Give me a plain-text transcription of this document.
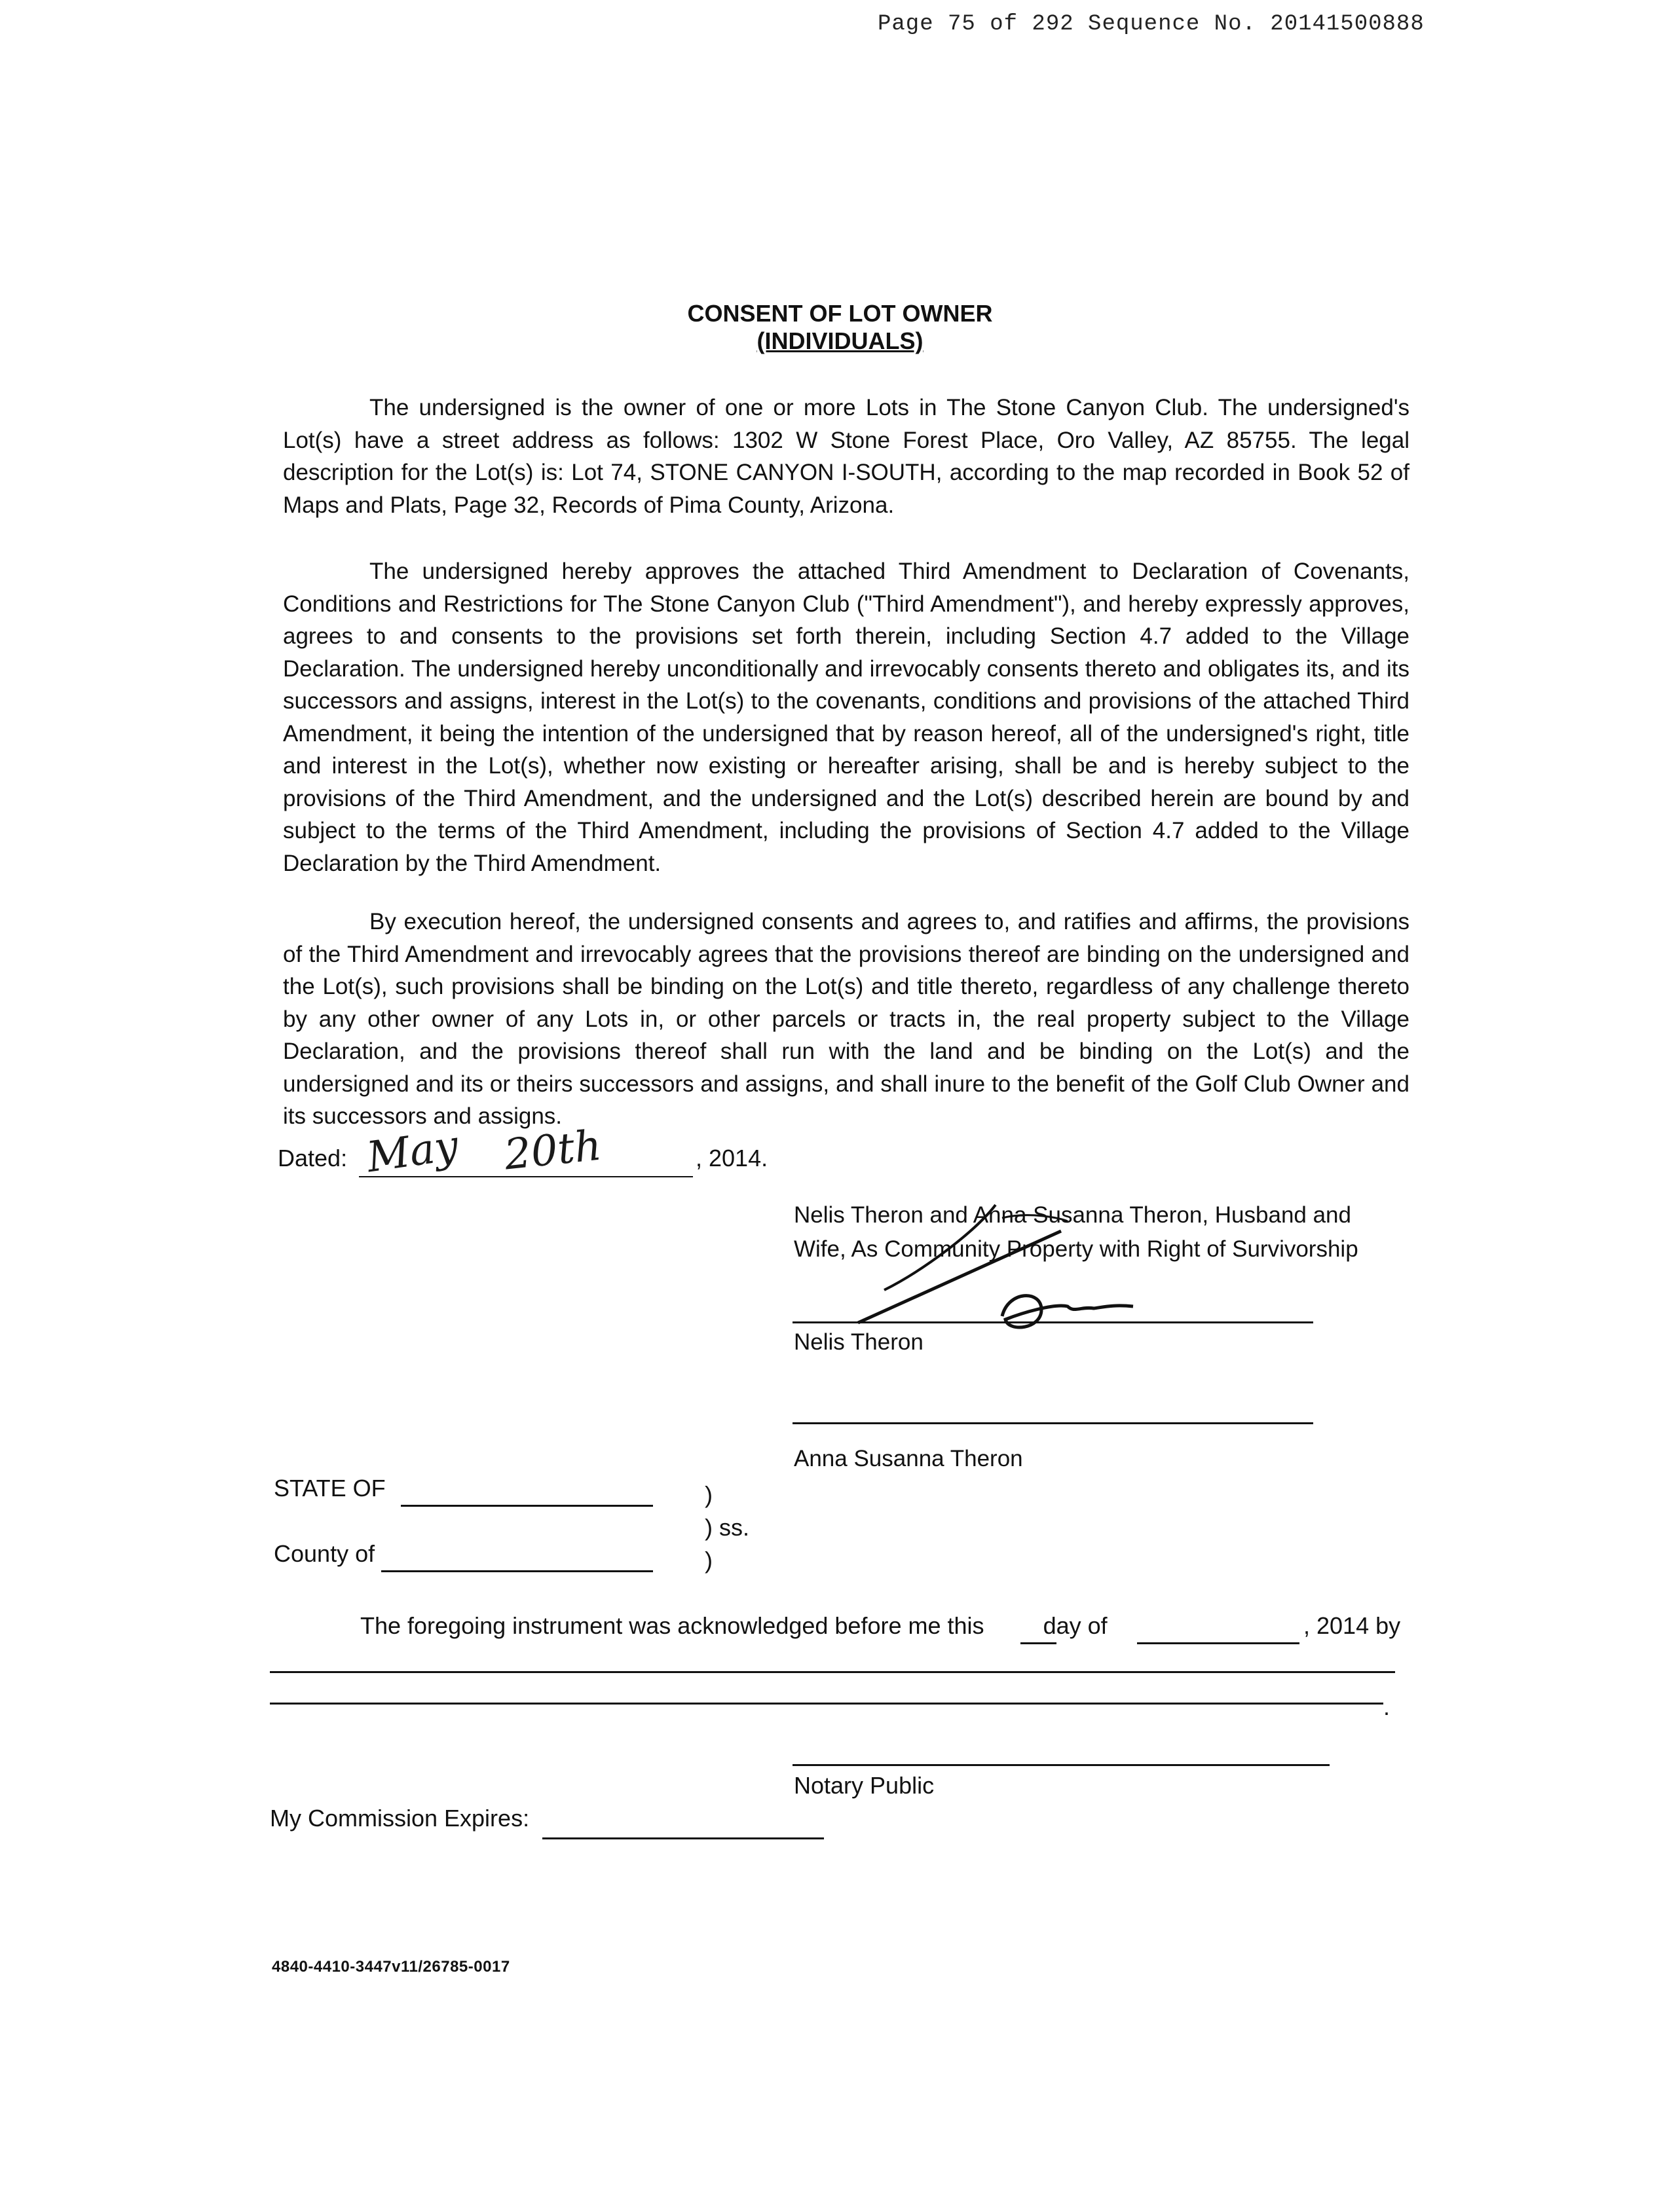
Page 75 of 292 Sequence No. 20141500888
CONSENT OF LOT OWNER
(INDIVIDUALS)
The undersigned is the owner of one or more Lots in The Stone Canyon Club. The undersigned's Lot(s) have a street address as follows: 1302 W Stone Forest Place, Oro Valley, AZ 85755. The legal description for the Lot(s) is: Lot 74, STONE CANYON I-SOUTH, according to the map recorded in Book 52 of Maps and Plats, Page 32, Records of Pima County, Arizona.
The undersigned hereby approves the attached Third Amendment to Declaration of Covenants, Conditions and Restrictions for The Stone Canyon Club ("Third Amendment"), and hereby expressly approves, agrees to and consents to the provisions set forth therein, including Section 4.7 added to the Village Declaration. The undersigned hereby unconditionally and irrevocably consents thereto and obligates its, and its successors and assigns, interest in the Lot(s) to the covenants, conditions and provisions of the attached Third Amendment, it being the intention of the undersigned that by reason hereof, all of the undersigned's right, title and interest in the Lot(s), whether now existing or hereafter arising, shall be and is hereby subject to the provisions of the Third Amendment, and the undersigned and the Lot(s) described herein are bound by and subject to the terms of the Third Amendment, including the provisions of Section 4.7 added to the Village Declaration by the Third Amendment.
By execution hereof, the undersigned consents and agrees to, and ratifies and affirms, the provisions of the Third Amendment and irrevocably agrees that the provisions thereof are binding on the undersigned and the Lot(s), such provisions shall be binding on the Lot(s) and title thereto, regardless of any challenge thereto by any other owner of any Lots in, or other parcels or tracts in, the real property subject to the Village Declaration, and the provisions thereof shall run with the land and be binding on the Lot(s) and the undersigned and its or theirs successors and assigns, and shall inure to the benefit of the Golf Club Owner and its successors and assigns.
Dated: May 20th	, 2014.
Nelis Theron and Anna Susanna Theron, Husband and
Wife, As Community Property with Right of Survivorship
Nelis Theron
Anna Susanna Theron
STATE OF
County of
)
) ss.
)
The foregoing instrument was acknowledged before me this	day of	, 2014 by
.
Notary Public
My Commission Expires:
4840-4410-3447v11/26785-0017
